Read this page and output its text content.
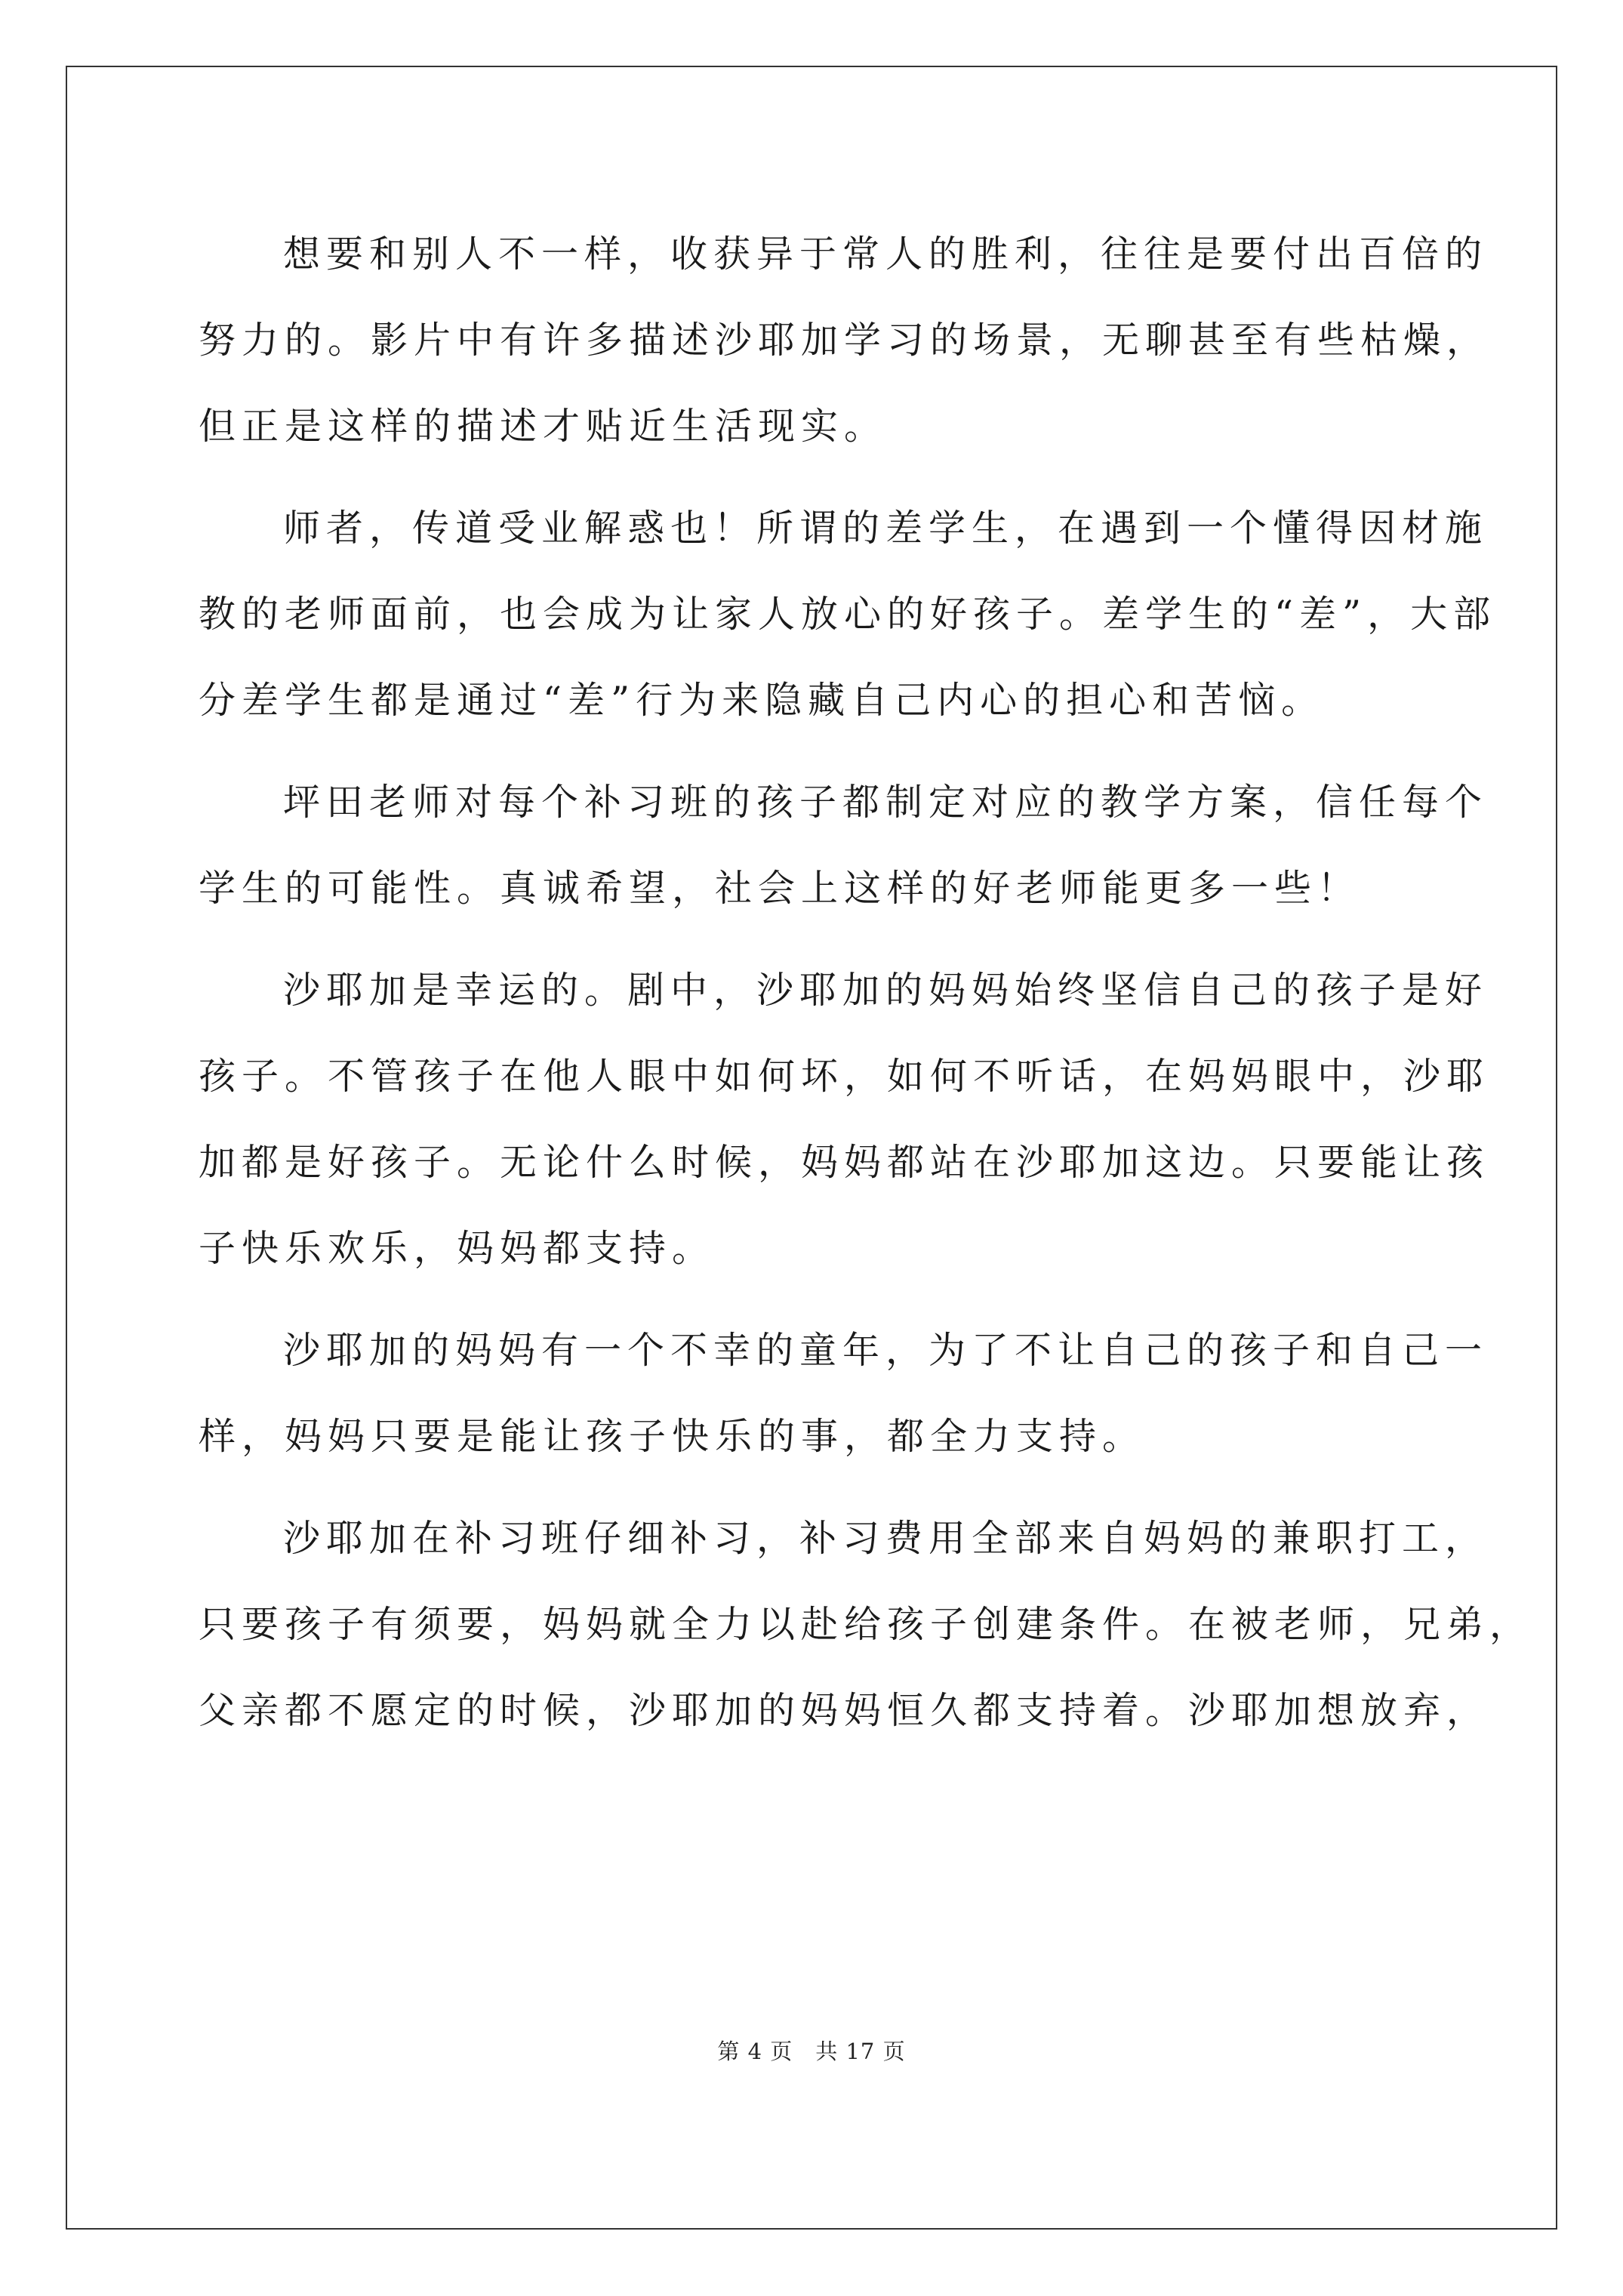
想要和别人不一样，收获异于常人的胜利，往往是要付出百倍的
努力的。影片中有许多描述沙耶加学习的场景，无聊甚至有些枯燥，
但正是这样的描述才贴近生活现实。
师者，传道受业解惑也！所谓的差学生，在遇到一个懂得因材施
教的老师面前，也会成为让家人放心的好孩子。差学生的“差”，大部
分差学生都是通过“差”行为来隐藏自己内心的担心和苦恼。
坪田老师对每个补习班的孩子都制定对应的教学方案，信任每个
学生的可能性。真诚希望，社会上这样的好老师能更多一些！
沙耶加是幸运的。剧中，沙耶加的妈妈始终坚信自己的孩子是好
孩子。不管孩子在他人眼中如何坏，如何不听话，在妈妈眼中，沙耶
加都是好孩子。无论什么时候，妈妈都站在沙耶加这边。只要能让孩
子快乐欢乐，妈妈都支持。
沙耶加的妈妈有一个不幸的童年，为了不让自己的孩子和自己一
样，妈妈只要是能让孩子快乐的事，都全力支持。
沙耶加在补习班仔细补习，补习费用全部来自妈妈的兼职打工，
只要孩子有须要，妈妈就全力以赴给孩子创建条件。在被老师，兄弟，
父亲都不愿定的时候，沙耶加的妈妈恒久都支持着。沙耶加想放弃，
第 4 页　共 17 页
